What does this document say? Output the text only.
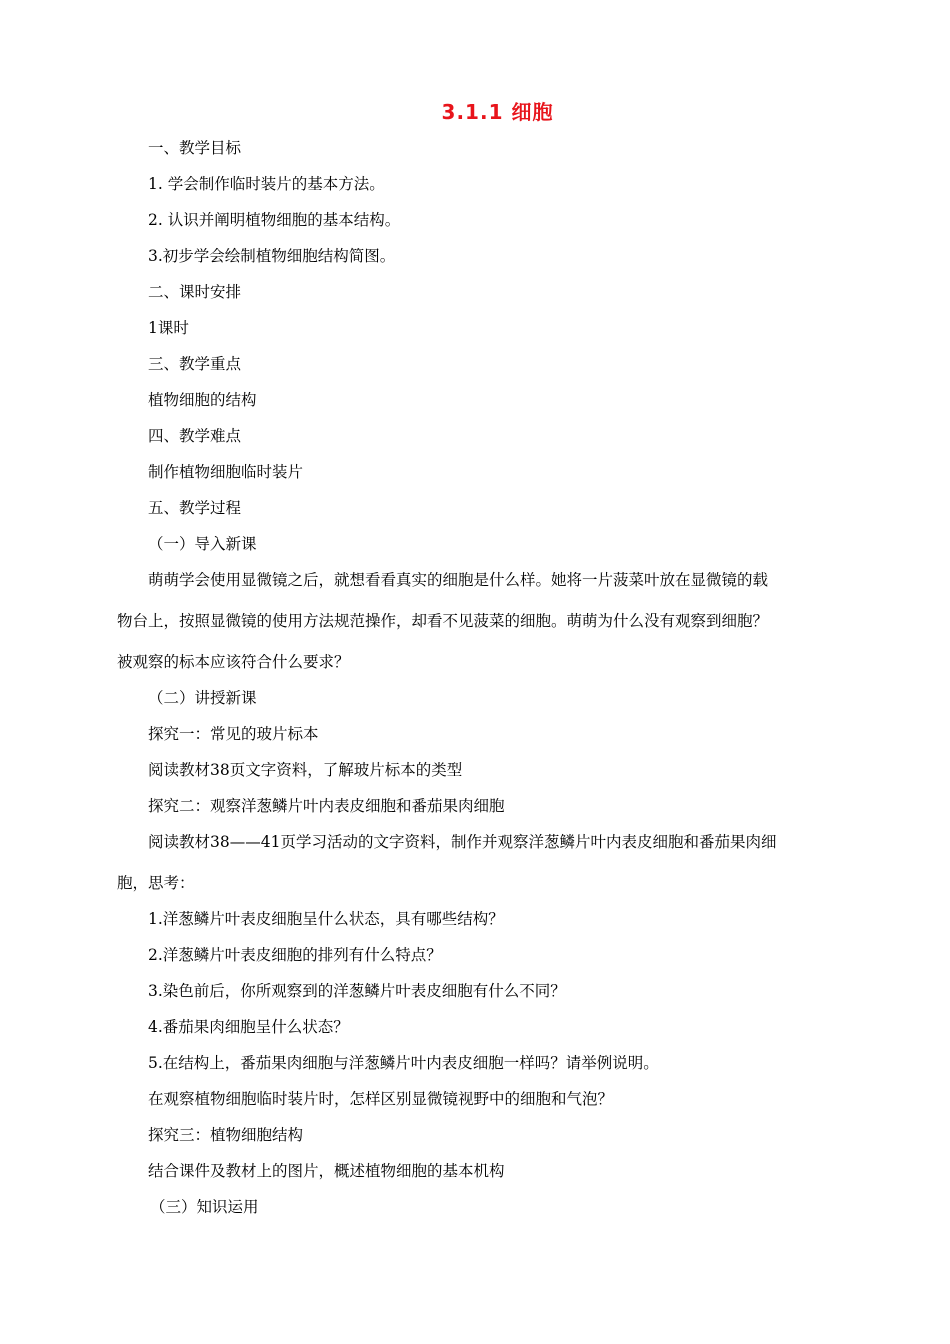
3.1.1 细胞
一、教学目标
1. 学会制作临时装片的基本方法。
2. 认识并阐明植物细胞的基本结构。
3.初步学会绘制植物细胞结构简图。
二、课时安排
1课时
三、教学重点
植物细胞的结构
四、教学难点
制作植物细胞临时装片
五、教学过程
（一）导入新课
萌萌学会使用显微镜之后，就想看看真实的细胞是什么样。她将一片菠菜叶放在显微镜的载
物台上，按照显微镜的使用方法规范操作，却看不见菠菜的细胞。萌萌为什么没有观察到细胞？
被观察的标本应该符合什么要求？
（二）讲授新课
探究一：常见的玻片标本
阅读教材38页文字资料，了解玻片标本的类型
探究二：观察洋葱鳞片叶内表皮细胞和番茄果肉细胞
阅读教材38——41页学习活动的文字资料，制作并观察洋葱鳞片叶内表皮细胞和番茄果肉细
胞，思考：
1.洋葱鳞片叶表皮细胞呈什么状态，具有哪些结构？
2.洋葱鳞片叶表皮细胞的排列有什么特点？
3.染色前后，你所观察到的洋葱鳞片叶表皮细胞有什么不同？
4.番茄果肉细胞呈什么状态？
5.在结构上，番茄果肉细胞与洋葱鳞片叶内表皮细胞一样吗？请举例说明。
在观察植物细胞临时装片时，怎样区别显微镜视野中的细胞和气泡？
探究三：植物细胞结构
结合课件及教材上的图片，概述植物细胞的基本机构
（三）知识运用
